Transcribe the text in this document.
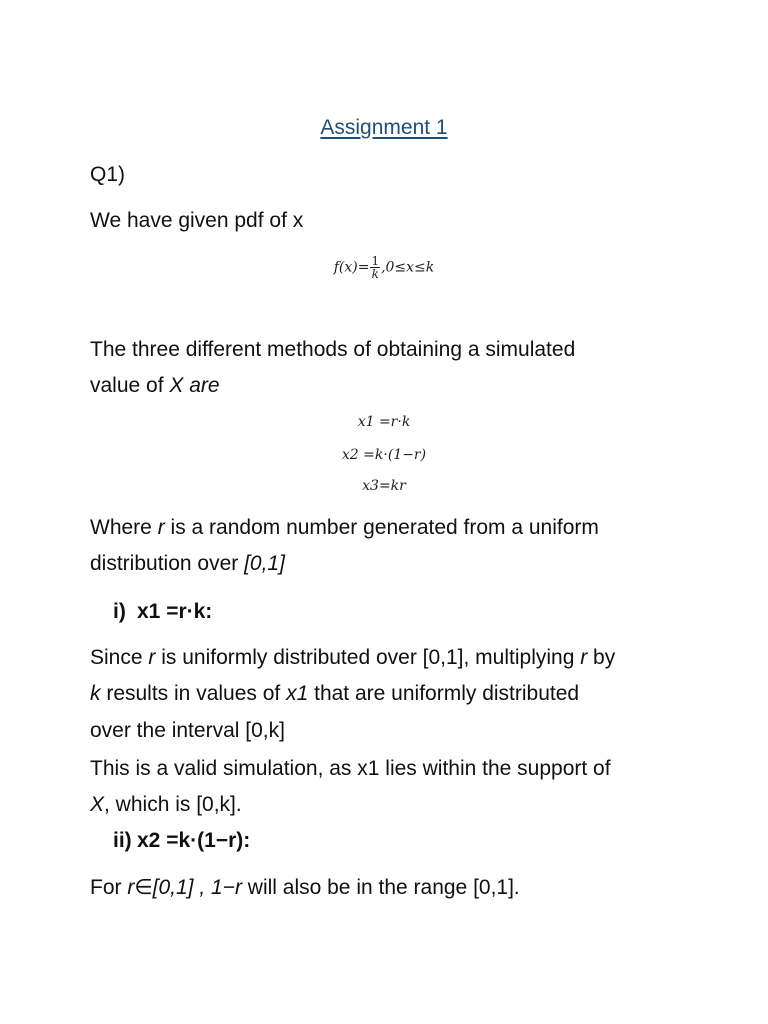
Assignment 1
Q1)
We have given pdf of x
$f(x)= \frac{1}{k} ,0\le x\le k$
The three different methods of obtaining a simulated
value of X are
x1 =r·k
x2 =k·(1−r)
x3=kr
Where r is a random number generated from a uniform
distribution over [0,1]
i) x1 =r·k:
Since r is uniformly distributed over [0,1], multiplying r by
k results in values of x1 that are uniformly distributed
over the interval [0,k]
This is a valid simulation, as x1 lies within the support of
X, which is [0,k].
ii) x2 =k·(1−r):
For r∈[0,1] , 1−r will also be in the range [0,1].
